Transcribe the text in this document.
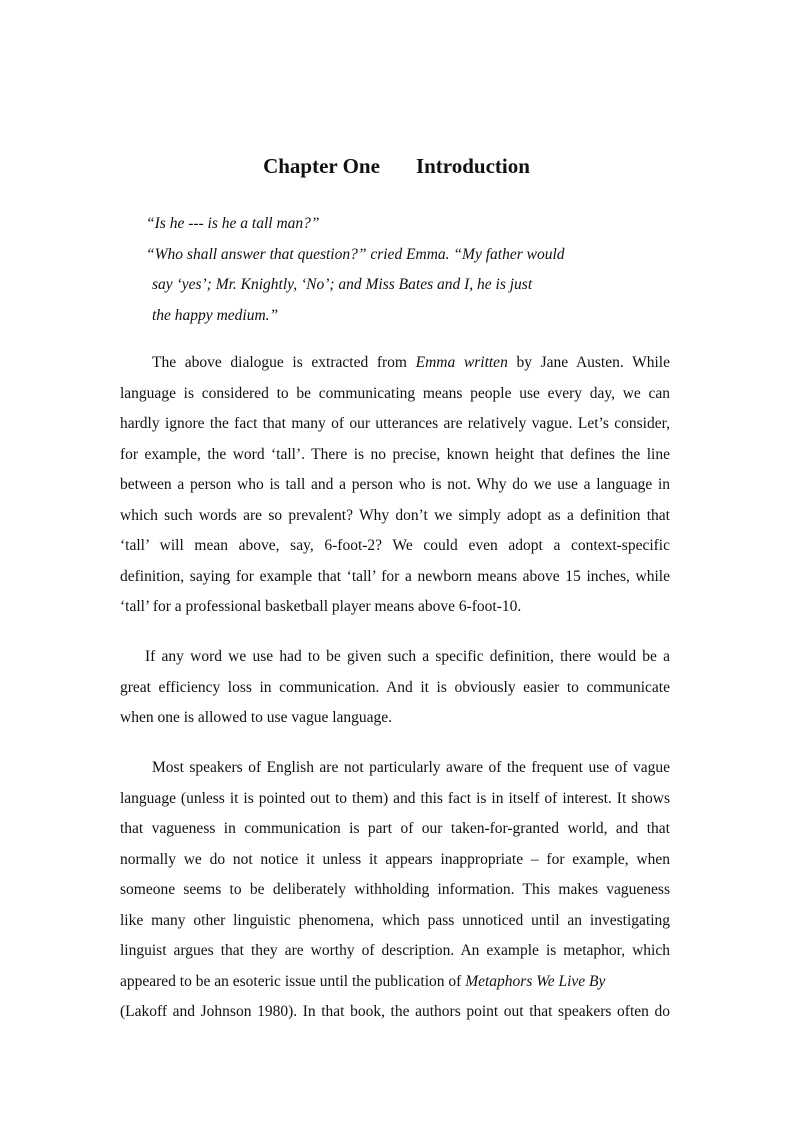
Chapter One Introduction
“Is he --- is he a tall man?”
“Who shall answer that question?” cried Emma. “My father would
say ‘yes’; Mr. Knightly, ‘No’; and Miss Bates and I, he is just
the happy medium.”
The above dialogue is extracted from Emma written by Jane Austen. While
language is considered to be communicating means people use every day, we can
hardly ignore the fact that many of our utterances are relatively vague. Let’s consider,
for example, the word ‘tall’. There is no precise, known height that defines the line
between a person who is tall and a person who is not. Why do we use a language in
which such words are so prevalent? Why don’t we simply adopt as a definition that
‘tall’ will mean above, say, 6-foot-2? We could even adopt a context-specific
definition, saying for example that ‘tall’ for a newborn means above 15 inches, while
‘tall’ for a professional basketball player means above 6-foot-10.
If any word we use had to be given such a specific definition, there would be a
great efficiency loss in communication. And it is obviously easier to communicate
when one is allowed to use vague language.
Most speakers of English are not particularly aware of the frequent use of vague
language (unless it is pointed out to them) and this fact is in itself of interest. It shows
that vagueness in communication is part of our taken-for-granted world, and that
normally we do not notice it unless it appears inappropriate – for example, when
someone seems to be deliberately withholding information. This makes vagueness
like many other linguistic phenomena, which pass unnoticed until an investigating
linguist argues that they are worthy of description. An example is metaphor, which
appeared to be an esoteric issue until the publication of Metaphors We Live By
(Lakoff and Johnson 1980). In that book, the authors point out that speakers often do
